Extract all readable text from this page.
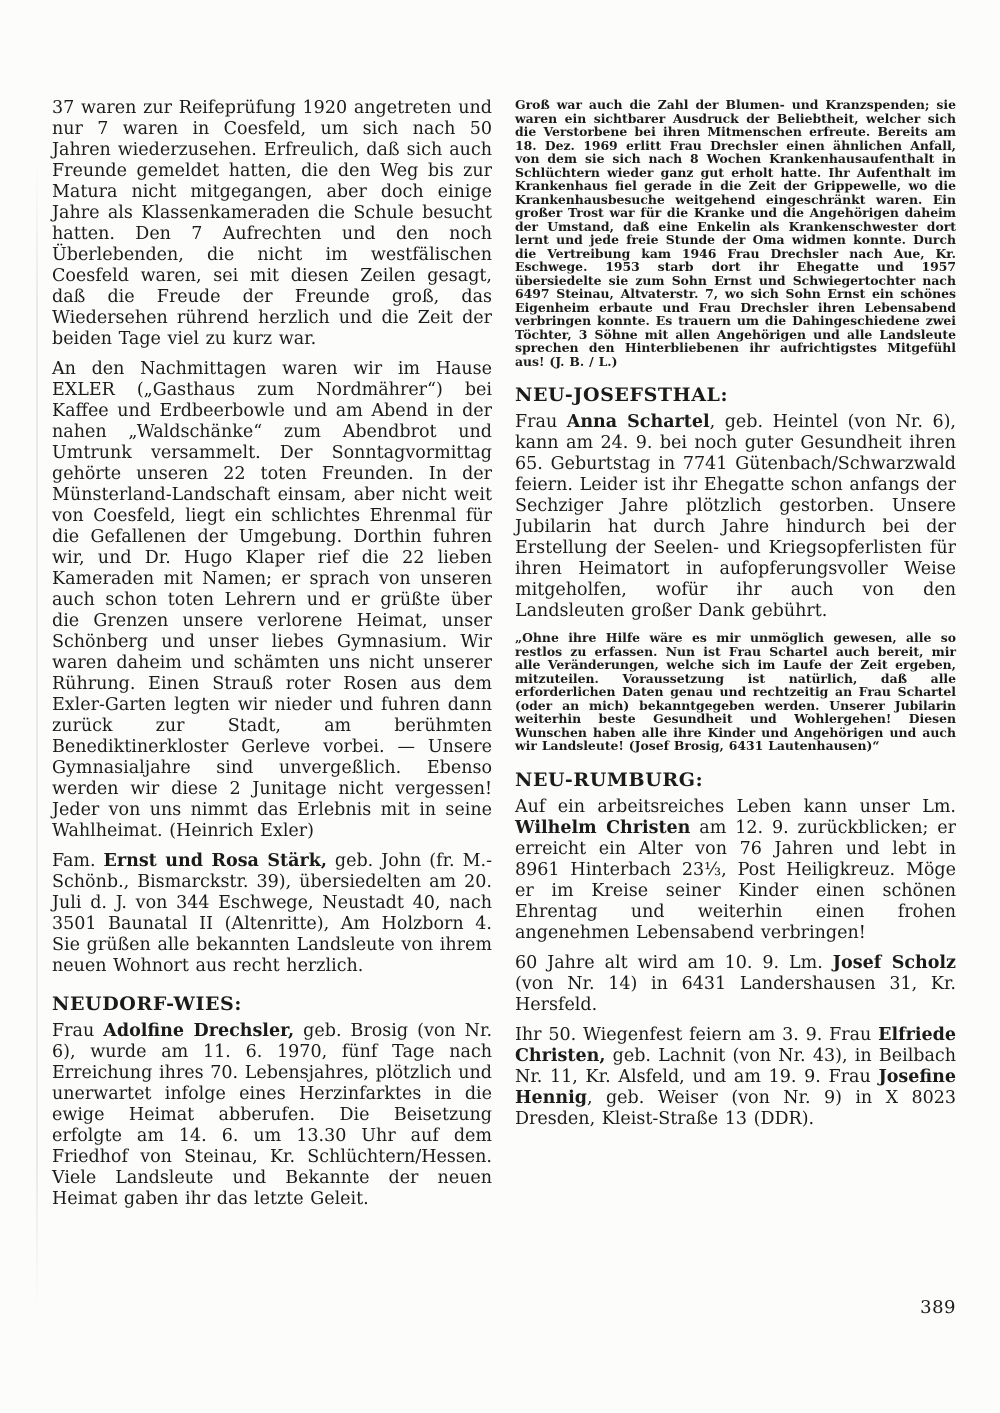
37 waren zur Reifeprüfung 1920 angetreten und nur 7 waren in Coesfeld, um sich nach 50 Jahren wiederzusehen. Erfreulich, daß sich auch Freunde gemeldet hatten, die den Weg bis zur Matura nicht mitgegangen, aber doch einige Jahre als Klassenkameraden die Schule besucht hatten. Den 7 Aufrechten und den noch Überlebenden, die nicht im westfälischen Coesfeld waren, sei mit diesen Zeilen gesagt, daß die Freude der Freunde groß, das Wiedersehen rührend herzlich und die Zeit der beiden Tage viel zu kurz war.

An den Nachmittagen waren wir im Hause EXLER („Gasthaus zum Nordmährer“) bei Kaffee und Erdbeerbowle und am Abend in der nahen „Waldschänke“ zum Abendbrot und Umtrunk versammelt. Der Sonntagvormittag gehörte unseren 22 toten Freunden. In der Münsterland-Landschaft einsam, aber nicht weit von Coesfeld, liegt ein schlichtes Ehrenmal für die Gefallenen der Umgebung. Dorthin fuhren wir, und Dr. Hugo Klaper rief die 22 lieben Kameraden mit Namen; er sprach von unseren auch schon toten Lehrern und er grüßte über die Grenzen unsere verlorene Heimat, unser Schönberg und unser liebes Gymnasium. Wir waren daheim und schämten uns nicht unserer Rührung. Einen Strauß roter Rosen aus dem Exler-Garten legten wir nieder und fuhren dann zurück zur Stadt, am berühmten Benediktinerkloster Gerleve vorbei. — Unsere Gymnasialjahre sind unvergeßlich. Ebenso werden wir diese 2 Junitage nicht vergessen! Jeder von uns nimmt das Erlebnis mit in seine Wahlheimat. (Heinrich Exler)

Fam. Ernst und Rosa Stärk, geb. John (fr. M.-Schönb., Bismarckstr. 39), übersiedelten am 20. Juli d. J. von 344 Eschwege, Neustadt 40, nach 3501 Baunatal II (Altenritte), Am Holzborn 4. Sie grüßen alle bekannten Landsleute von ihrem neuen Wohnort aus recht herzlich.

NEUDORF-WIES:

Frau Adolfine Drechsler, geb. Brosig (von Nr. 6), wurde am 11. 6. 1970, fünf Tage nach Erreichung ihres 70. Lebensjahres, plötzlich und unerwartet infolge eines Herzinfarktes in die ewige Heimat abberufen. Die Beisetzung erfolgte am 14. 6. um 13.30 Uhr auf dem Friedhof von Steinau, Kr. Schlüchtern/Hessen. Viele Landsleute und Bekannte der neuen Heimat gaben ihr das letzte Geleit.

Groß war auch die Zahl der Blumen- und Kranzspenden; sie waren ein sichtbarer Ausdruck der Beliebtheit, welcher sich die Verstorbene bei ihren Mitmenschen erfreute. Bereits am 18. Dez. 1969 erlitt Frau Drechsler einen ähnlichen Anfall, von dem sie sich nach 8 Wochen Krankenhausaufenthalt in Schlüchtern wieder ganz gut erholt hatte. Ihr Aufenthalt im Krankenhaus fiel gerade in die Zeit der Grippewelle, wo die Krankenhausbesuche weitgehend eingeschränkt waren. Ein großer Trost war für die Kranke und die Angehörigen daheim der Umstand, daß eine Enkelin als Krankenschwester dort lernt und jede freie Stunde der Oma widmen konnte. Durch die Vertreibung kam 1946 Frau Drechsler nach Aue, Kr. Eschwege. 1953 starb dort ihr Ehegatte und 1957 übersiedelte sie zum Sohn Ernst und Schwiegertochter nach 6497 Steinau, Altvaterstr. 7, wo sich Sohn Ernst ein schönes Eigenheim erbaute und Frau Drechsler ihren Lebensabend verbringen konnte. Es trauern um die Dahingeschiedene zwei Töchter, 3 Söhne mit allen Angehörigen und alle Landsleute sprechen den Hinterbliebenen ihr aufrichtigstes Mitgefühl aus! (J. B. / L.)

NEU-JOSEFSTHAL:

Frau Anna Schartel, geb. Heintel (von Nr. 6), kann am 24. 9. bei noch guter Gesundheit ihren 65. Geburtstag in 7741 Gütenbach/Schwarzwald feiern. Leider ist ihr Ehegatte schon anfangs der Sechziger Jahre plötzlich gestorben. Unsere Jubilarin hat durch Jahre hindurch bei der Erstellung der Seelen- und Kriegsopferlisten für ihren Heimatort in aufopferungsvoller Weise mitgeholfen, wofür ihr auch von den Landsleuten großer Dank gebührt.

„Ohne ihre Hilfe wäre es mir unmöglich gewesen, alle so restlos zu erfassen. Nun ist Frau Schartel auch bereit, mir alle Veränderungen, welche sich im Laufe der Zeit ergeben, mitzuteilen. Voraussetzung ist natürlich, daß alle erforderlichen Daten genau und rechtzeitig an Frau Schartel (oder an mich) bekanntgegeben werden. Unserer Jubilarin weiterhin beste Gesundheit und Wohlergehen! Diesen Wunschen haben alle ihre Kinder und Angehörigen und auch wir Landsleute! (Josef Brosig, 6431 Lautenhausen)“

NEU-RUMBURG:

Auf ein arbeitsreiches Leben kann unser Lm. Wilhelm Christen am 12. 9. zurückblicken; er erreicht ein Alter von 76 Jahren und lebt in 8961 Hinterbach 23⅓, Post Heiligkreuz. Möge er im Kreise seiner Kinder einen schönen Ehrentag und weiterhin einen frohen angenehmen Lebensabend verbringen!

60 Jahre alt wird am 10. 9. Lm. Josef Scholz (von Nr. 14) in 6431 Landershausen 31, Kr. Hersfeld.

Ihr 50. Wiegenfest feiern am 3. 9. Frau Elfriede Christen, geb. Lachnit (von Nr. 43), in Beilbach Nr. 11, Kr. Alsfeld, und am 19. 9. Frau Josefine Hennig, geb. Weiser (von Nr. 9) in X 8023 Dresden, Kleist-Straße 13 (DDR).

389
